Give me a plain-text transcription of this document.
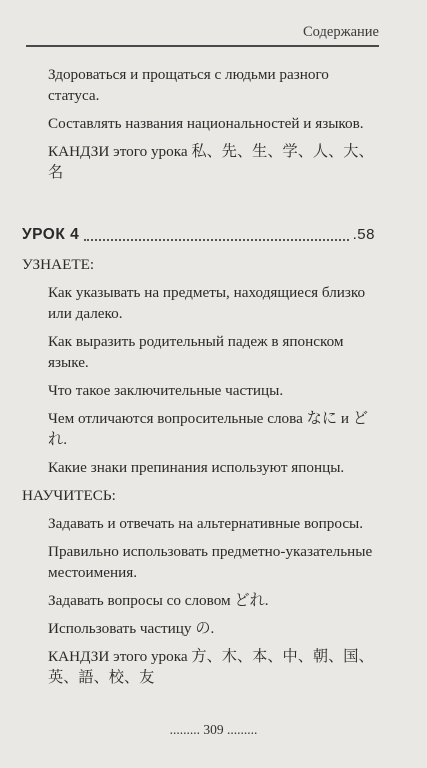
Содержание
Здороваться и прощаться с людьми разного статуса.
Составлять названия национальностей и языков.
КАНДЗИ этого урока 私、先、生、学、人、大、名
УРОК 4	.58
УЗНАЕТЕ:
Как указывать на предметы, находящиеся близко или далеко.
Как выразить родительный падеж в японском языке.
Что такое заключительные частицы.
Чем отличаются вопросительные слова なに и どれ.
Какие знаки препинания используют японцы.
НАУЧИТЕСЬ:
Задавать и отвечать на альтернативные вопросы.
Правильно использовать предметно-указательные местоимения.
Задавать вопросы со словом どれ.
Использовать частицу の.
КАНДЗИ этого урока 方、木、本、中、朝、国、英、語、校、友
......... 309 .........
